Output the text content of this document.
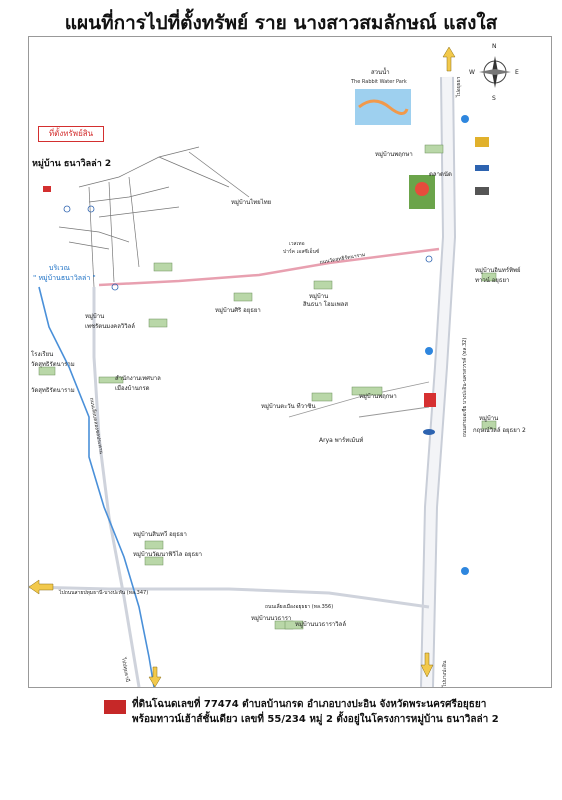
แผนที่การไปที่ตั้งทรัพย์ ราย นางสาวสมลักษณ์ แสงใส
N
S
E
W
สวนน้ำ
The Rabbit Water Park
หมู่บ้านพฤกษา
หมู่บ้านไทยไทย
ตลาดนัด
เวสเทอ
ปาร์ค เอสซีเอ็นซ์
หมู่บ้าน
สินธนา โฮมเพลส
หมู่บ้านศิริ อยุธยา
หมู่บ้านอินทร์ทิพย์
ทาวน์ อยุธยา
หมู่บ้าน
เพชรัตนมงคลวิวิลล์
โรงเรียน
วัดสุทธิรัตนาราม
วัดสุทธิรัตนาราม
สำนักงานเทศบาล
เมืองบ้านกรด
หมู่บ้านตะวัน ทีวาซิน
หมู่บ้านพฤกษา
หมู่บ้าน
กฤษณ์วิลล์ อยุธยา 2
Arya พาร์ทเม้นท์
หมู่บ้านสินทวี อยุธยา
หมู่บ้านวัฒนาพิวิไล อยุธยา
หมู่บ้านนวธารา
หมู่บ้านนวธาราวิลล์
บริเวณ
" หมู่บ้านธนาวิลล่า "
ถนนสายเอเชีย บางปะอิน-นครสวรรค์ (ทล.32)
ไปถนนสายปทุมธานี-บางปะหัน (ทล.347)
ถนนเลี่ยงเมืองอยุธยา (ทล.356)
ถนนวัดสุทธิรัตนาราม
ถนนเลียบคลองชลประทาน
ไปอยุธยา
ไปบางปะอิน
ไปปทุมธานี
ที่ตั้งทรัพย์สิน
หมู่บ้าน ธนาวิลล่า 2
ที่ดินโฉนดเลขที่ 77474 ตำบลบ้านกรด อำเภอบางปะอิน จังหวัดพระนครศรีอยุธยา
พร้อมทาวน์เฮ้าส์ชั้นเดียว เลขที่ 55/234 หมู่ 2 ตั้งอยู่ในโครงการหมู่บ้าน ธนาวิลล่า 2
